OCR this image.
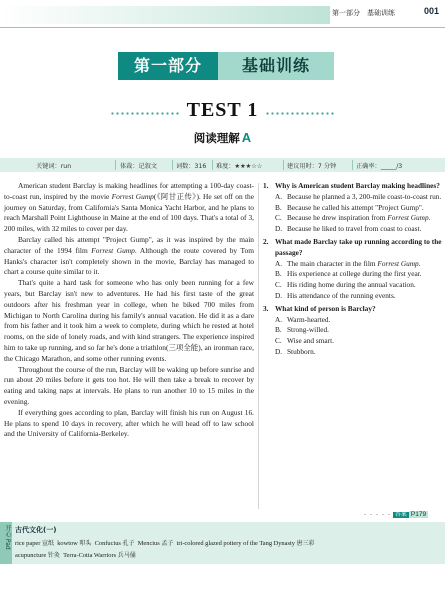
第一部分　基础训练	001
第一部分	基础训练
TEST 1
阅读理解 A
关键词：run	体裁：记叙文	词数：316 难度：★★★☆☆	建议用时：7 分钟	正确率：_____/3

American student Barclay is making headlines for attempting a 100-day coast-to-coast run, inspired by the movie Forrest Gump(《阿甘正传》). He set off on the journey on Saturday, from California's Santa Monica Yacht Harbor, and he plans to reach Marshall Point Lighthouse in Maine at the end of 100 days. That's a total of 3, 200 miles, with 32 miles to cover per day.

Barclay called his attempt "Project Gump", as it was inspired by the main character of the 1994 film Forrest Gump. Although the route covered by Tom Hanks's character isn't completely shown in the movie, Barclay has managed to chart a course quite similar to it.

That's quite a hard task for someone who has only been running for a few years, but Barclay isn't new to adventures. He had his first taste of the great outdoors after his freshman year in college, when he biked 700 miles from Michigan to North Carolina during his family's annual vacation. He did it as a dare from his father and it took him a week to complete, during which he rested at hotel rooms, on the side of lonely roads, and with kind strangers. The experience inspired him to take up running, and so far he's done a triathlon(三项全能), an ironman race, the Chicago Marathon, and some other running events.

Throughout the course of the run, Barclay will be waking up before sunrise and run about 20 miles before it gets too hot. He will then take a break to recover by eating and taking naps at intervals. He plans to run another 10 to 15 miles in the evening.

If everything goes according to plan, Barclay will finish his run on August 16. He plans to spend 10 days in recovery, after which he will head off to law school and the University of California-Berkeley.

1. Why is American student Barclay making headlines?
A. Because he planned a 3, 200-mile coast-to-coast run.
B. Because he called his attempt "Project Gump".
C. Because he drew inspiration from Forrest Gump.
D. Because he liked to travel from coast to coast.
2. What made Barclay take up running according to the passage?
A. The main character in the film Forrest Gump.
B. His experience at college during the first year.
C. His riding home during the annual vacation.
D. His attendance of the running events.
3. What kind of person is Barclay?
A. Warm-hearted.
B. Strong-willed.
C. Wise and smart.
D. Stubborn.
- - - - - 答案 P179
开心 Pad 古代文化(一)
rice paper 宣纸 kowtow 叩头 Confucius 孔子 Mencius 孟子 tri-colored glazed pottery of the Tang Dynasty 唐三彩
acupuncture 针灸 Terra-Cotta Warriors 兵马俑
